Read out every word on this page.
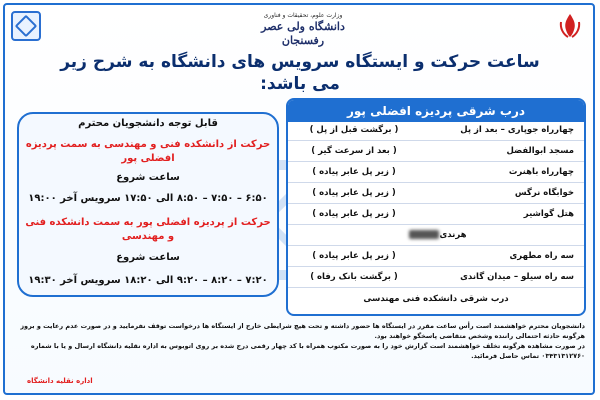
وزارت علوم، تحقیقات و فناوری
دانشگاه ولی عصر رفسنجان
ساعت حرکت و ایستگاه سرویس های دانشگاه به شرح زیر می باشد:
قابل توجه دانشجویان محترم
حرکت از دانشکده فنی و مهندسی به سمت پردیزه افضلی پور
ساعت شروع
۶:۵۰ – ۷:۵۰ – ۸:۵۰ الی ۱۷:۵۰ سرویس آخر ۱۹:۰۰
حرکت از پردیزه افضلی پور به سمت دانشکده فنی و مهندسی
ساعت شروع
۷:۲۰ – ۸:۲۰ – ۹:۲۰ الی ۱۸:۲۰ سرویس آخر ۱۹:۳۰
درب شرقی پردیزه افضلی پور
چهارراه جوپاری – بعد از پل
( برگشت قبل از پل )
مسجد ابوالفضل
( بعد از سرعت گیر )
چهارراه باهنرت
( زیر پل عابر پیاده )
خوابگاه نرگس
( زیر پل عابر پیاده )
هتل گواشیر
( زیر پل عابر پیاده )
هرندی
سه راه مطهری
( زیر پل عابر پیاده )
سه راه سیلو – میدان گاندی
( برگشت بانک رفاه )
درب شرقی دانشکده فنی مهندسی
دانشجویان محترم خواهشمند است رأس ساعت مقرر در ایستگاه ها حضور داشته و تحت هیچ شرایطی خارج از ایستگاه ها درخواست توقف نفرمایید و در صورت عدم رعایت و بروز هرگونه حادثه احتمالی راننده وشخص متقاضی پاسخگو خواهند بود.
در صورت مشاهده هرگونه تخلف خواهشمند است گزارش خود را به صورت مکتوب همراه با کد چهار رقمی درج شده بر روی اتوبوس به اداره نقلیه دانشگاه ارسال و یا با شماره ۰۳۴۳۱۳۱۲۷۶۰ تماس حاصل فرمائید.
اداره نقلیه دانشگاه
